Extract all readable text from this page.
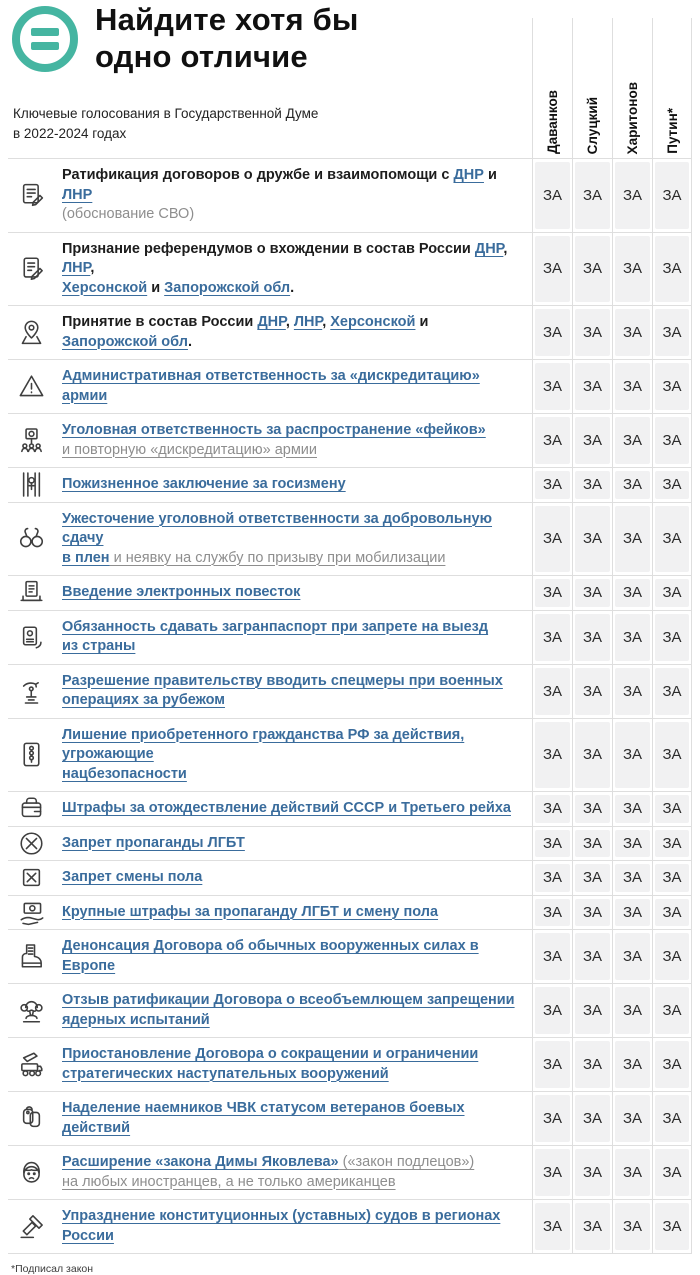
Найдите хотя бы
одно отличие
Ключевые голосования в Государственной Думе
в 2022-2024 годах	Даванков Слуцкий Харитонов Путин*
Ратификация договоров о дружбе и взаимопомощи с ДНР и ЛНР
(обоснование СВО)
ЗА	ЗА	ЗА	ЗА
Признание референдумов о вхождении в состав России ДНР, ЛНР,
Херсонской и Запорожской обл.
ЗА	ЗА	ЗА	ЗА
Принятие в состав России ДНР, ЛНР, Херсонской и Запорожской обл.
ЗА	ЗА	ЗА	ЗА
Административная ответственность за «дискредитацию» армии
ЗА	ЗА	ЗА	ЗА
Уголовная ответственность за распространение «фейков»
и повторную «дискредитацию» армии
ЗА	ЗА	ЗА	ЗА
Пожизненное заключение за госизмену	ЗА	ЗА	ЗА	ЗА
Ужесточение уголовной ответственности за добровольную сдачу
в плен и неявку на службу по призыву при мобилизации
ЗА	ЗА	ЗА	ЗА
Введение электронных повесток	ЗА	ЗА	ЗА	ЗА
Обязанность сдавать загранпаспорт при запрете на выезд
из страны
ЗА	ЗА	ЗА	ЗА
Разрешение правительству вводить спецмеры при военных
операциях за рубежом
ЗА	ЗА	ЗА	ЗА
Лишение приобретенного гражданства РФ за действия, угрожающие
нацбезопасности
ЗА	ЗА	ЗА	ЗА
Штрафы за отождествление действий СССР и Третьего рейха	ЗА	ЗА	ЗА	ЗА
Запрет пропаганды ЛГБТ	ЗА	ЗА	ЗА	ЗА
Запрет смены пола	ЗА	ЗА	ЗА	ЗА
Крупные штрафы за пропаганду ЛГБТ и смену пола	ЗА	ЗА	ЗА	ЗА
Денонсация Договора об обычных вооруженных силах в Европе
ЗА	ЗА	ЗА	ЗА
Отзыв ратификации Договора о всеобъемлющем запрещении
ядерных испытаний
ЗА	ЗА	ЗА	ЗА
Приостановление Договора о сокращении и ограничении
стратегических наступательных вооружений
ЗА	ЗА	ЗА	ЗА
Наделение наемников ЧВК статусом ветеранов боевых действий
ЗА	ЗА	ЗА	ЗА
Расширение «закона Димы Яковлева» («закон подлецов»)
на любых иностранцев, а не только американцев
ЗА	ЗА	ЗА	ЗА
Упразднение конституционных (уставных) судов в регионах России
ЗА	ЗА	ЗА	ЗА
*Подписал закон
